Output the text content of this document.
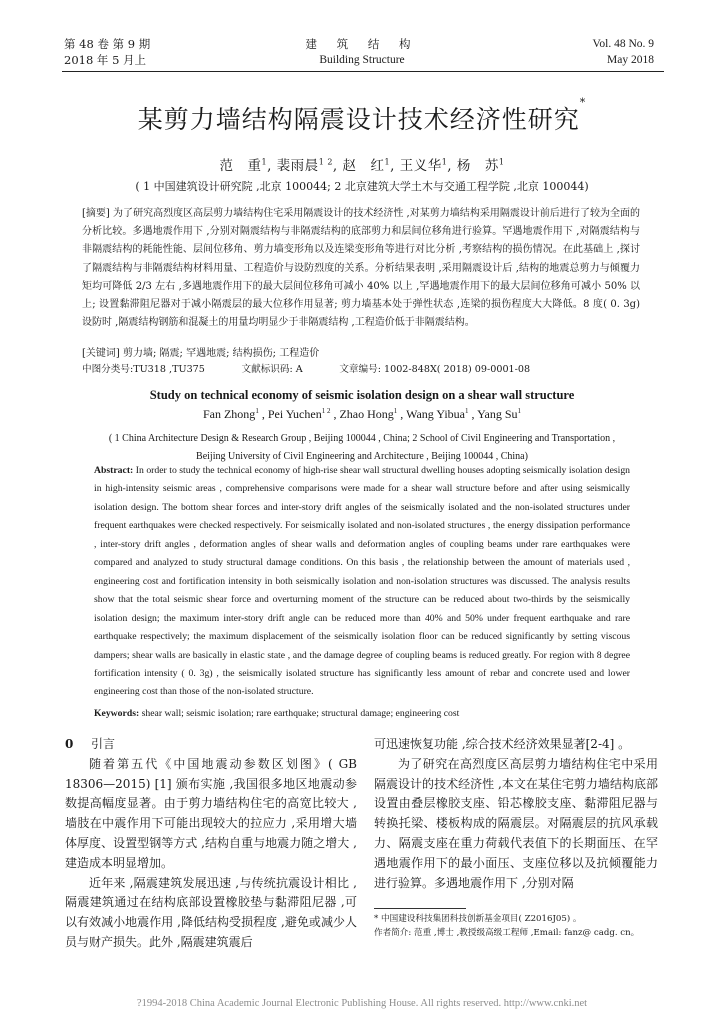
第 48 卷 第 9 期
2018 年 5 月上
建 筑 结 构
Building Structure
Vol. 48 No. 9
May 2018
某剪力墙结构隔震设计技术经济性研究*
范　重$^1$, 裴雨晨$^{1 2}$, 赵　红$^1$, 王义华$^1$, 杨　苏$^1$
( 1 中国建筑设计研究院 ,北京 100044; 2 北京建筑大学土木与交通工程学院 ,北京 100044)
[摘要] 为了研究高烈度区高层剪力墙结构住宅采用隔震设计的技术经济性 ,对某剪力墙结构采用隔震设计前后进行了较为全面的分析比较。多遇地震作用下 ,分别对隔震结构与非隔震结构的底部剪力和层间位移角进行验算。罕遇地震作用下 ,对隔震结构与非隔震结构的耗能性能、层间位移角、剪力墙变形角以及连梁变形角等进行对比分析 ,考察结构的损伤情况。在此基础上 ,探讨了隔震结构与非隔震结构材料用量、工程造价与设防烈度的关系。分析结果表明 ,采用隔震设计后 ,结构的地震总剪力与倾覆力矩均可降低 2/3 左右 ,多遇地震作用下的最大层间位移角可减小 40% 以上 ,罕遇地震作用下的最大层间位移角可减小 50% 以上; 设置黏滞阻尼器对于减小隔震层的最大位移作用显著; 剪力墙基本处于弹性状态 ,连梁的损伤程度大大降低。8 度( 0. 3g) 设防时 ,隔震结构钢筋和混凝土的用量均明显少于非隔震结构 ,工程造价低于非隔震结构。
[关键词] 剪力墙; 隔震; 罕遇地震; 结构损伤; 工程造价
中图分类号:TU318 ,TU375	文献标识码: A	文章编号: 1002-848X( 2018) 09-0001-08
Study on technical economy of seismic isolation design on a shear wall structure
Fan Zhong$^1$ , Pei Yuchen$^{1 2}$ , Zhao Hong$^1$ , Wang Yibua$^1$ , Yang Su$^1$
( 1 China Architecture Design & Research Group , Beijing 100044 , China; 2 School of Civil Engineering and Transportation , Beijing University of Civil Engineering and Architecture , Beijing 100044 , China)
Abstract: In order to study the technical economy of high-rise shear wall structural dwelling houses adopting seismically isolation design in high-intensity seismic areas , comprehensive comparisons were made for a shear wall structure before and after using seismically isolation design. The bottom shear forces and inter-story drift angles of the seismically isolated and the non-isolated structures under frequent earthquakes were checked respectively. For seismically isolated and non-isolated structures , the energy dissipation performance , inter-story drift angles , deformation angles of shear walls and deformation angles of coupling beams under rare earthquakes were compared and analyzed to study structural damage conditions. On this basis , the relationship between the amount of materials used , engineering cost and fortification intensity in both seismically isolation and non-isolation structures was discussed. The analysis results show that the total seismic shear force and overturning moment of the structure can be reduced about two-thirds by the seismically isolation design; the maximum inter-story drift angle can be reduced more than 40% and 50% under frequent earthquake and rare earthquake respectively; the maximum displacement of the seismically isolation floor can be reduced significantly by setting viscous dampers; shear walls are basically in elastic state , and the damage degree of coupling beams is reduced greatly. For region with 8 degree fortification intensity ( 0. 3g) , the seismically isolated structure has significantly less amount of rebar and concrete used and lower engineering cost than those of the non-isolated structure.
Keywords: shear wall; seismic isolation; rare earthquake; structural damage; engineering cost

0 引言

随着第五代《中国地震动参数区划图》( GB 18306—2015) [1] 颁布实施 ,我国很多地区地震动参数提高幅度显著。由于剪力墙结构住宅的高宽比较大 ,墙肢在中震作用下可能出现较大的拉应力 ,采用增大墙体厚度、设置型钢等方式 ,结构自重与地震力随之增大 ,建造成本明显增加。

近年来 ,隔震建筑发展迅速 ,与传统抗震设计相比 ,隔震建筑通过在结构底部设置橡胶垫与黏滞阻尼器 ,可以有效减小地震作用 ,降低结构受损程度 ,避免或减少人员与财产损失。此外 ,隔震建筑震后

可迅速恢复功能 ,综合技术经济效果显著[2-4] 。

为了研究在高烈度区高层剪力墙结构住宅中采用隔震设计的技术经济性 ,本文在某住宅剪力墙结构底部设置由叠层橡胶支座、铅芯橡胶支座、黏滞阻尼器与转换托梁、楼板构成的隔震层。对隔震层的抗风承载力、隔震支座在重力荷载代表值下的长期面压、在罕遇地震作用下的最小面压、支座位移以及抗倾覆能力进行验算。多遇地震作用下 ,分别对隔

* 中国建设科技集团科技创新基金项目( Z2016J05) 。
作者简介: 范重 ,博士 ,教授级高级工程师 ,Email: fanz@ cadg. cn。
?1994-2018 China Academic Journal Electronic Publishing House. All rights reserved. http://www.cnki.net
